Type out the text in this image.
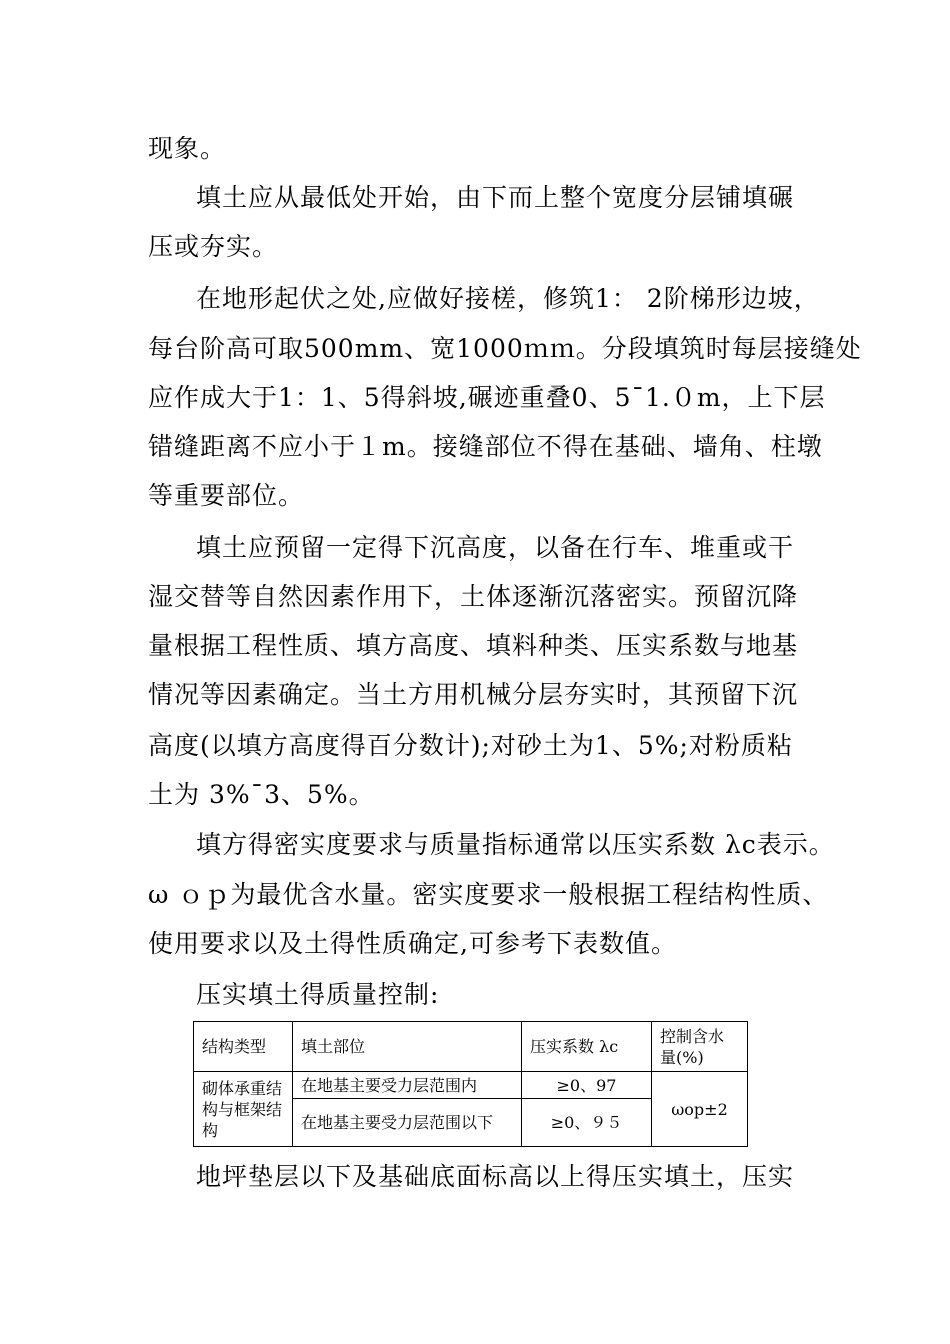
现象。
填土应从最低处开始，由下而上整个宽度分层铺填碾
压或夯实。
在地形起伏之处,应做好接槎，修筑1： 2阶梯形边坡，
每台阶高可取500mm、宽1000ｍｍ。分段填筑时每层接缝处
应作成大于1：1、5得斜坡,碾迹重叠0、5¯1.０m，上下层
错缝距离不应小于１m。接缝部位不得在基础、墙角、柱墩
等重要部位。
填土应预留一定得下沉高度，以备在行车、堆重或干
湿交替等自然因素作用下，土体逐渐沉落密实。预留沉降
量根据工程性质、填方高度、填料种类、压实系数与地基
情况等因素确定。当土方用机械分层夯实时，其预留下沉
高度(以填方高度得百分数计);对砂土为1、5%;对粉质粘
土为 3%¯3、5%。
填方得密实度要求与质量指标通常以压实系数 λc表示。
ω ｏｐ为最优含水量。密实度要求一般根据工程结构性质、
使用要求以及土得性质确定,可参考下表数值。
压实填土得质量控制:
结构类型	填土部位	压实系数 λc	控制含水量(%)
砌体承重结构与框架结构	在地基主要受力层范围内	≥0、97	ωop±2
	在地基主要受力层范围以下	≥0、９５	
地坪垫层以下及基础底面标高以上得压实填土，压实
